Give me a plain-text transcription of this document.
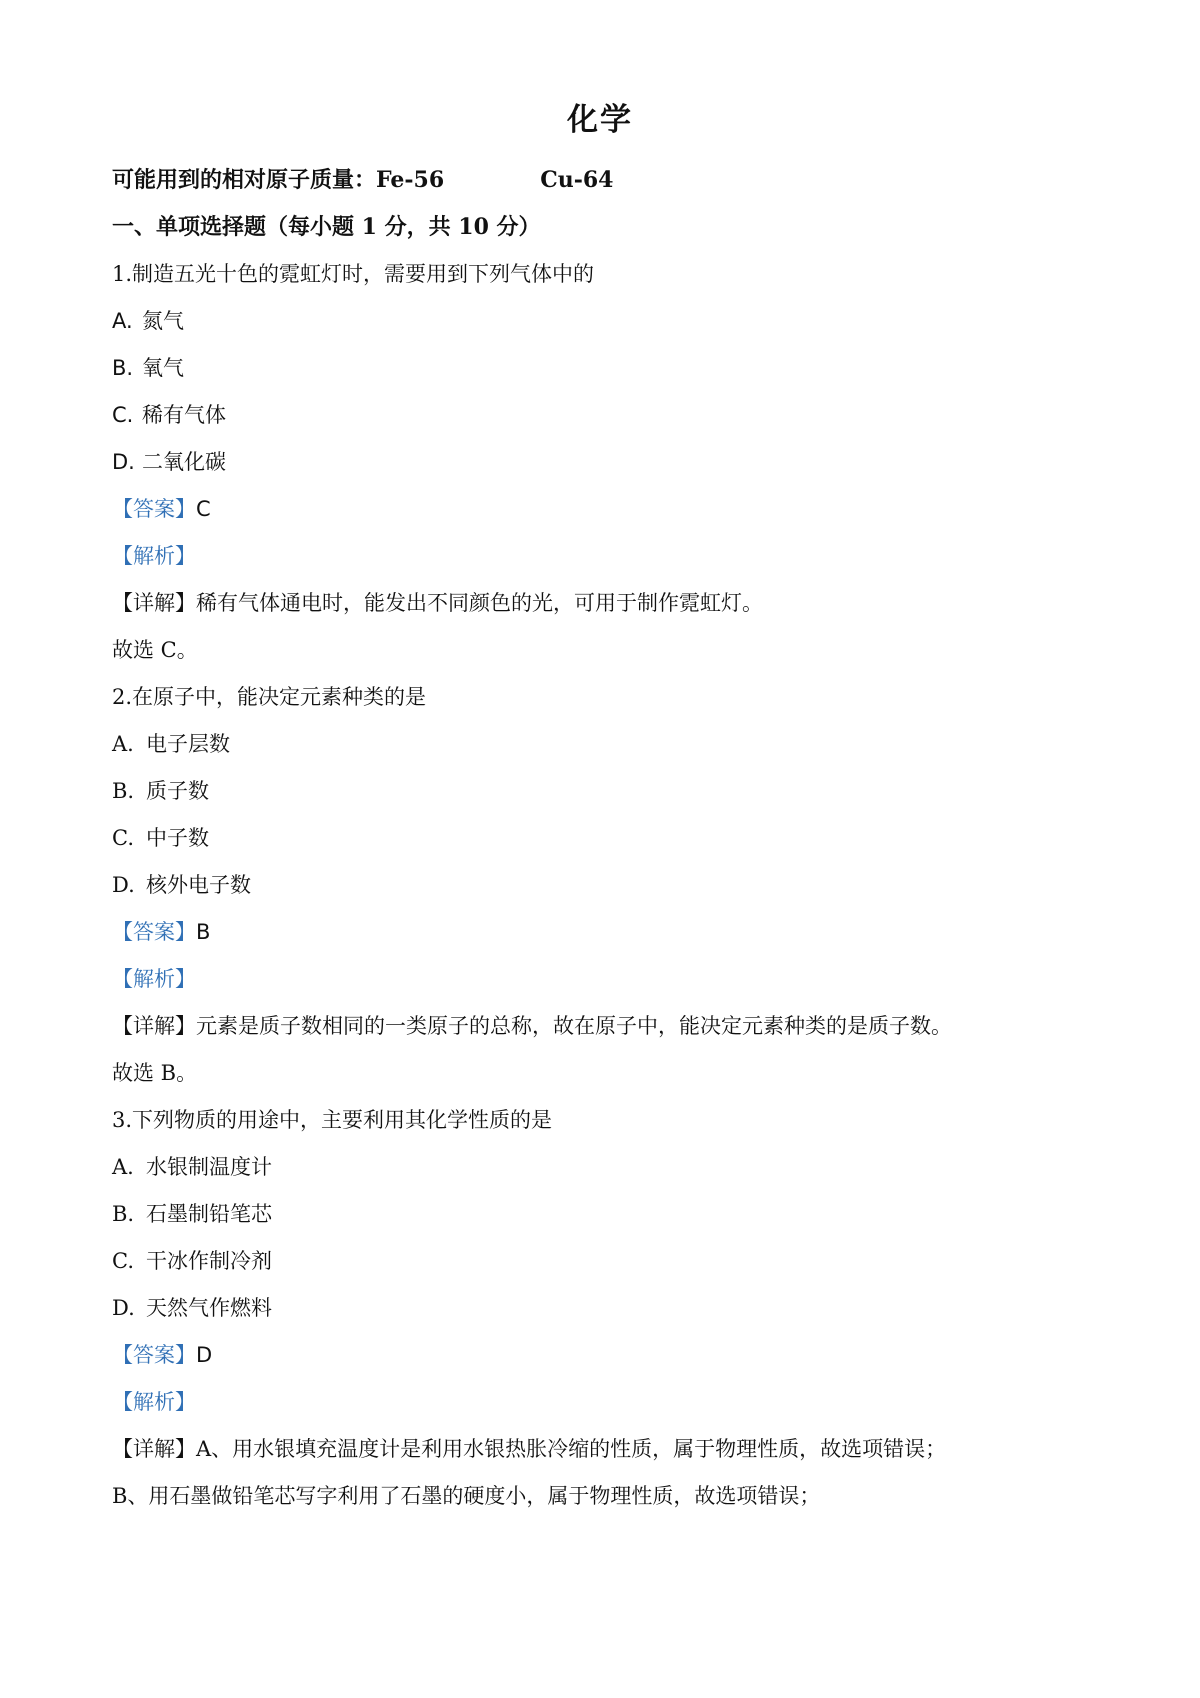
化学
可能用到的相对原子质量：Fe-56	Cu-64
一、单项选择题（每小题 1 分，共 10 分）
1.制造五光十色的霓虹灯时，需要用到下列气体中的
A. 氮气
B. 氧气
C. 稀有气体
D. 二氧化碳
【答案】C
【解析】
【详解】稀有气体通电时，能发出不同颜色的光，可用于制作霓虹灯。
故选 C。
2.在原子中，能决定元素种类的是
A. 电子层数
B. 质子数
C. 中子数
D. 核外电子数
【答案】B
【解析】
【详解】元素是质子数相同的一类原子的总称，故在原子中，能决定元素种类的是质子数。
故选 B。
3.下列物质的用途中，主要利用其化学性质的是
A. 水银制温度计
B. 石墨制铅笔芯
C. 干冰作制冷剂
D. 天然气作燃料
【答案】D
【解析】
【详解】A、用水银填充温度计是利用水银热胀冷缩的性质，属于物理性质，故选项错误；
B、用石墨做铅笔芯写字利用了石墨的硬度小，属于物理性质，故选项错误；
